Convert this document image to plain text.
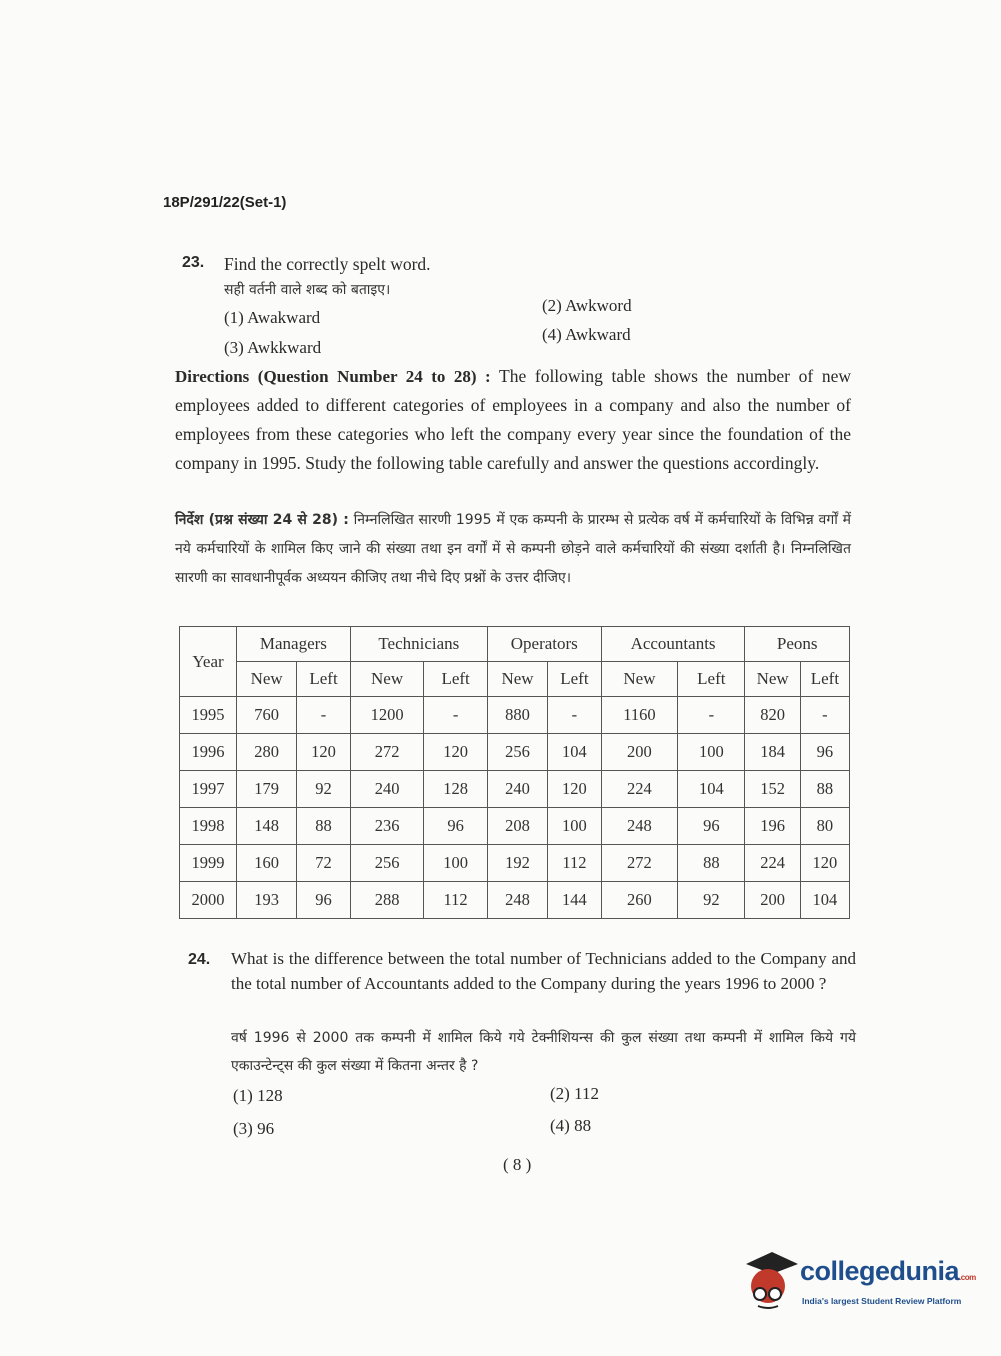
18P/291/22(Set-1)
23. Find the correctly spelt word.
सही वर्तनी वाले शब्द को बताइए।
(1) Awakward
(2) Awkword
(3) Awkkward
(4) Awkward
Directions (Question Number 24 to 28) : The following table shows the number of new employees added to different categories of employees in a company and also the number of employees from these categories who left the company every year since the foundation of the company in 1995. Study the following table carefully and answer the questions accordingly.
निर्देश (प्रश्न संख्या 24 से 28) : निम्नलिखित सारणी 1995 में एक कम्पनी के प्रारम्भ से प्रत्येक वर्ष में कर्मचारियों के विभिन्न वर्गों में नये कर्मचारियों के शामिल किए जाने की संख्या तथा इन वर्गों में से कम्पनी छोड़ने वाले कर्मचारियों की संख्या दर्शाती है। निम्नलिखित सारणी का सावधानीपूर्वक अध्ययन कीजिए तथा नीचे दिए प्रश्नों के उत्तर दीजिए।
Year	Managers		Technicians		Operators		Accountants		Peons	
	New	Left	New	Left	New	Left	New	Left	New	Left
1995	760	-	1200	-	880	-	1160	-	820	-
1996	280	120	272	120	256	104	200	100	184	96
1997	179	92	240	128	240	120	224	104	152	88
1998	148	88	236	96	208	100	248	96	196	80
1999	160	72	256	100	192	112	272	88	224	120
2000	193	96	288	112	248	144	260	92	200	104
24. What is the difference between the total number of Technicians added to the Company and the total number of Accountants added to the Company during the years 1996 to 2000 ?
वर्ष 1996 से 2000 तक कम्पनी में शामिल किये गये टेक्नीशियन्स की कुल संख्या तथा कम्पनी में शामिल किये गये एकाउन्टेन्ट्स की कुल संख्या में कितना अन्तर है ?
(1) 128	(2) 112
(3) 96	(4) 88
( 8 )
collegedunia.com
India's largest Student Review Platform
